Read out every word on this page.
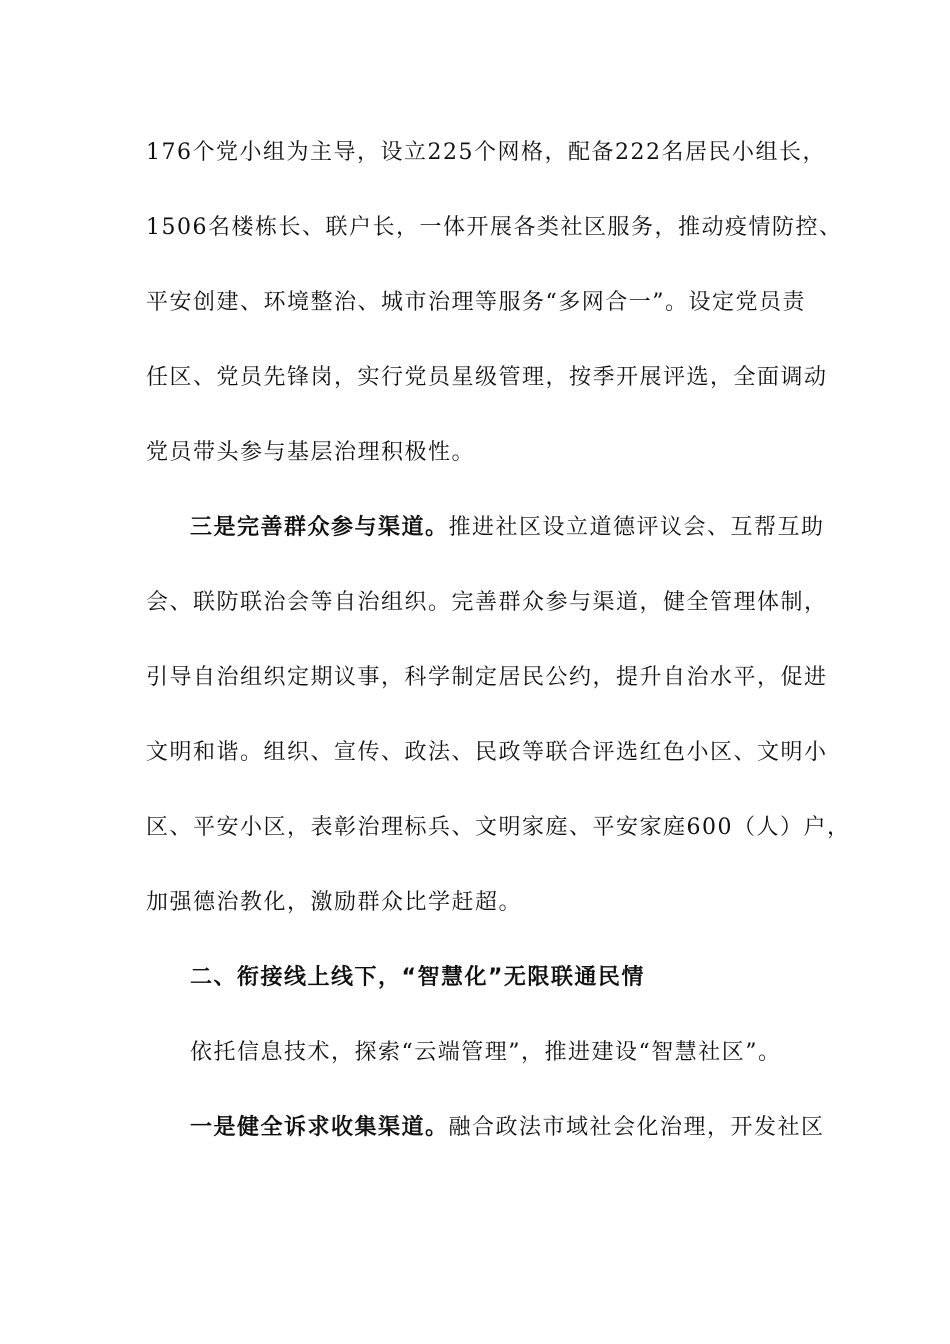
176个党小组为主导，设立225个网格，配备222名居民小组长，
1506名楼栋长、联户长，一体开展各类社区服务，推动疫情防控、
平安创建、环境整治、城市治理等服务“多网合一”。设定党员责
任区、党员先锋岗，实行党员星级管理，按季开展评选，全面调动
党员带头参与基层治理积极性。
三是完善群众参与渠道。推进社区设立道德评议会、互帮互助
会、联防联治会等自治组织。完善群众参与渠道，健全管理体制，
引导自治组织定期议事，科学制定居民公约，提升自治水平，促进
文明和谐。组织、宣传、政法、民政等联合评选红色小区、文明小
区、平安小区，表彰治理标兵、文明家庭、平安家庭600（人）户，
加强德治教化，激励群众比学赶超。
二、衔接线上线下，“智慧化”无限联通民情
依托信息技术，探索“云端管理”，推进建设“智慧社区”。
一是健全诉求收集渠道。融合政法市域社会化治理，开发社区
